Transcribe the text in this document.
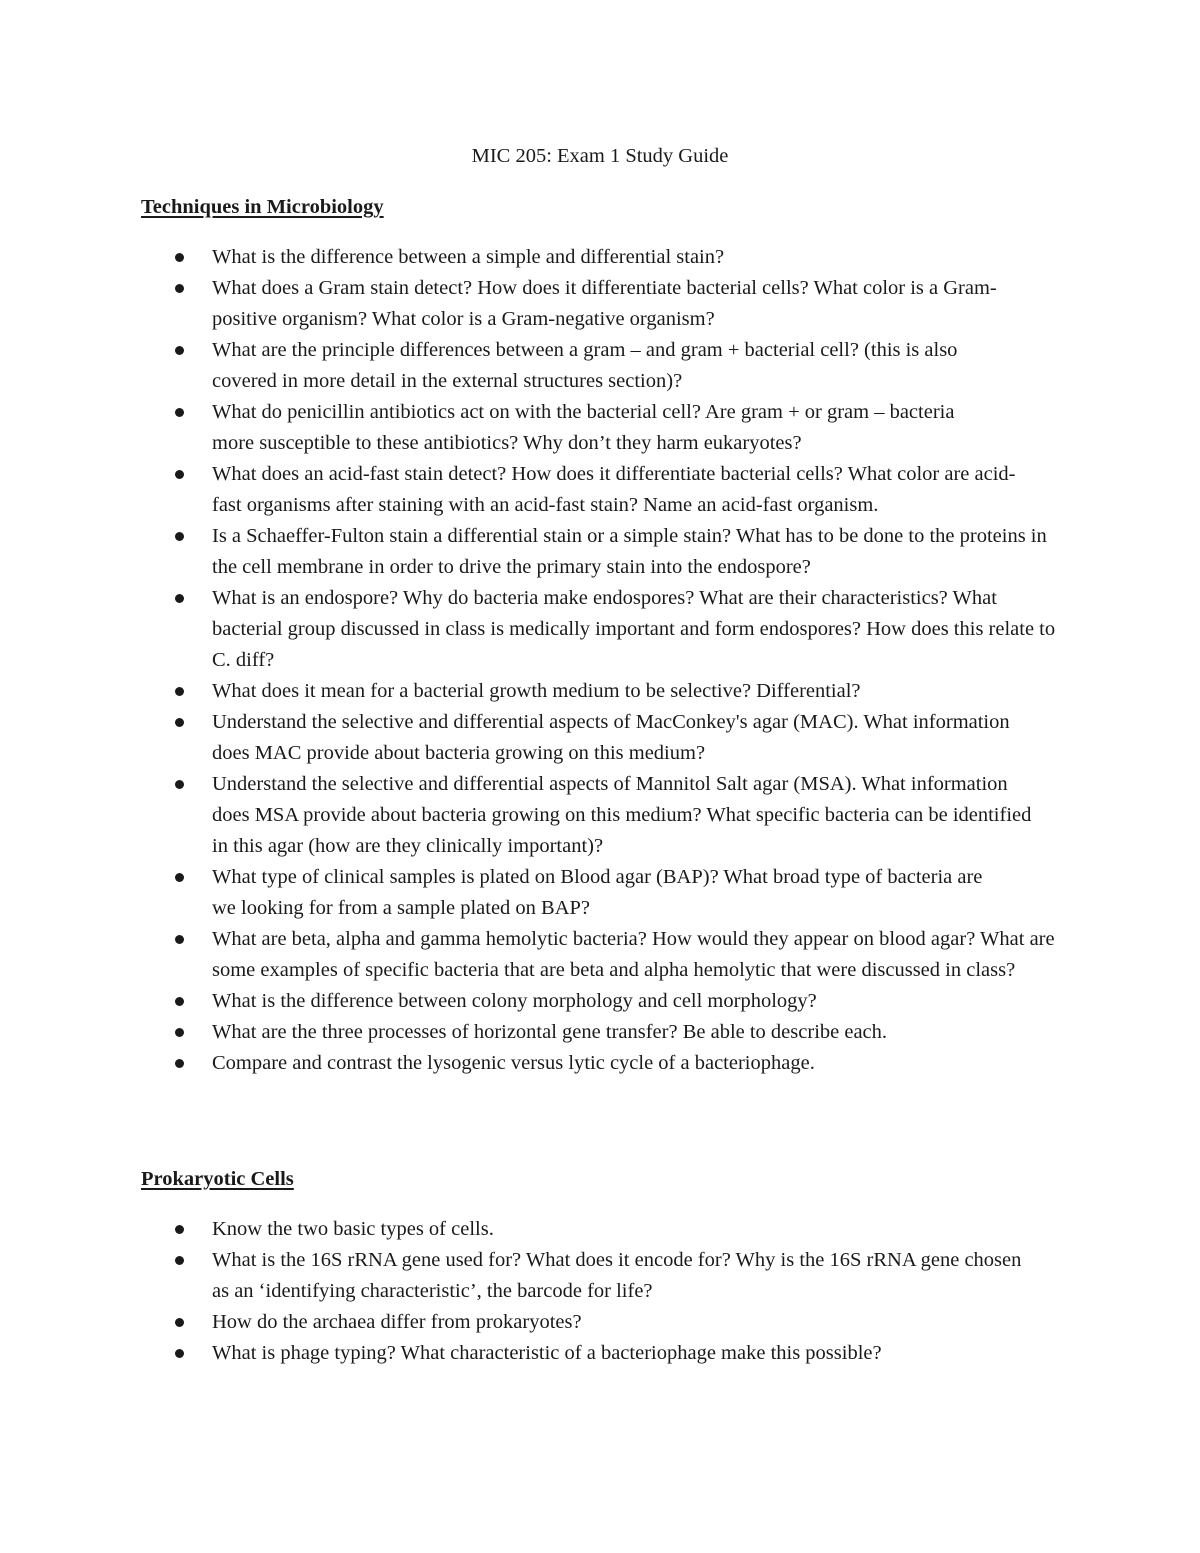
MIC 205: Exam 1 Study Guide
Techniques in Microbiology
What is the difference between a simple and differential stain?
What does a Gram stain detect? How does it differentiate bacterial cells? What color is a Gram-positive organism? What color is a Gram-negative organism?
What are the principle differences between a gram – and gram + bacterial cell? (this is also covered in more detail in the external structures section)?
What do penicillin antibiotics act on with the bacterial cell? Are gram + or gram – bacteria more susceptible to these antibiotics? Why don’t they harm eukaryotes?
What does an acid-fast stain detect? How does it differentiate bacterial cells? What color are acid-fast organisms after staining with an acid-fast stain? Name an acid-fast organism.
Is a Schaeffer-Fulton stain a differential stain or a simple stain? What has to be done to the proteins in the cell membrane in order to drive the primary stain into the endospore?
What is an endospore? Why do bacteria make endospores? What are their characteristics? What bacterial group discussed in class is medically important and form endospores? How does this relate to C. diff?
What does it mean for a bacterial growth medium to be selective? Differential?
Understand the selective and differential aspects of MacConkey's agar (MAC). What information does MAC provide about bacteria growing on this medium?
Understand the selective and differential aspects of Mannitol Salt agar (MSA). What information does MSA provide about bacteria growing on this medium? What specific bacteria can be identified in this agar (how are they clinically important)?
What type of clinical samples is plated on Blood agar (BAP)? What broad type of bacteria are we looking for from a sample plated on BAP?
What are beta, alpha and gamma hemolytic bacteria? How would they appear on blood agar? What are some examples of specific bacteria that are beta and alpha hemolytic that were discussed in class?
What is the difference between colony morphology and cell morphology?
What are the three processes of horizontal gene transfer? Be able to describe each.
Compare and contrast the lysogenic versus lytic cycle of a bacteriophage.
Prokaryotic Cells
Know the two basic types of cells.
What is the 16S rRNA gene used for? What does it encode for? Why is the 16S rRNA gene chosen as an ‘identifying characteristic’, the barcode for life?
How do the archaea differ from prokaryotes?
What is phage typing? What characteristic of a bacteriophage make this possible?
